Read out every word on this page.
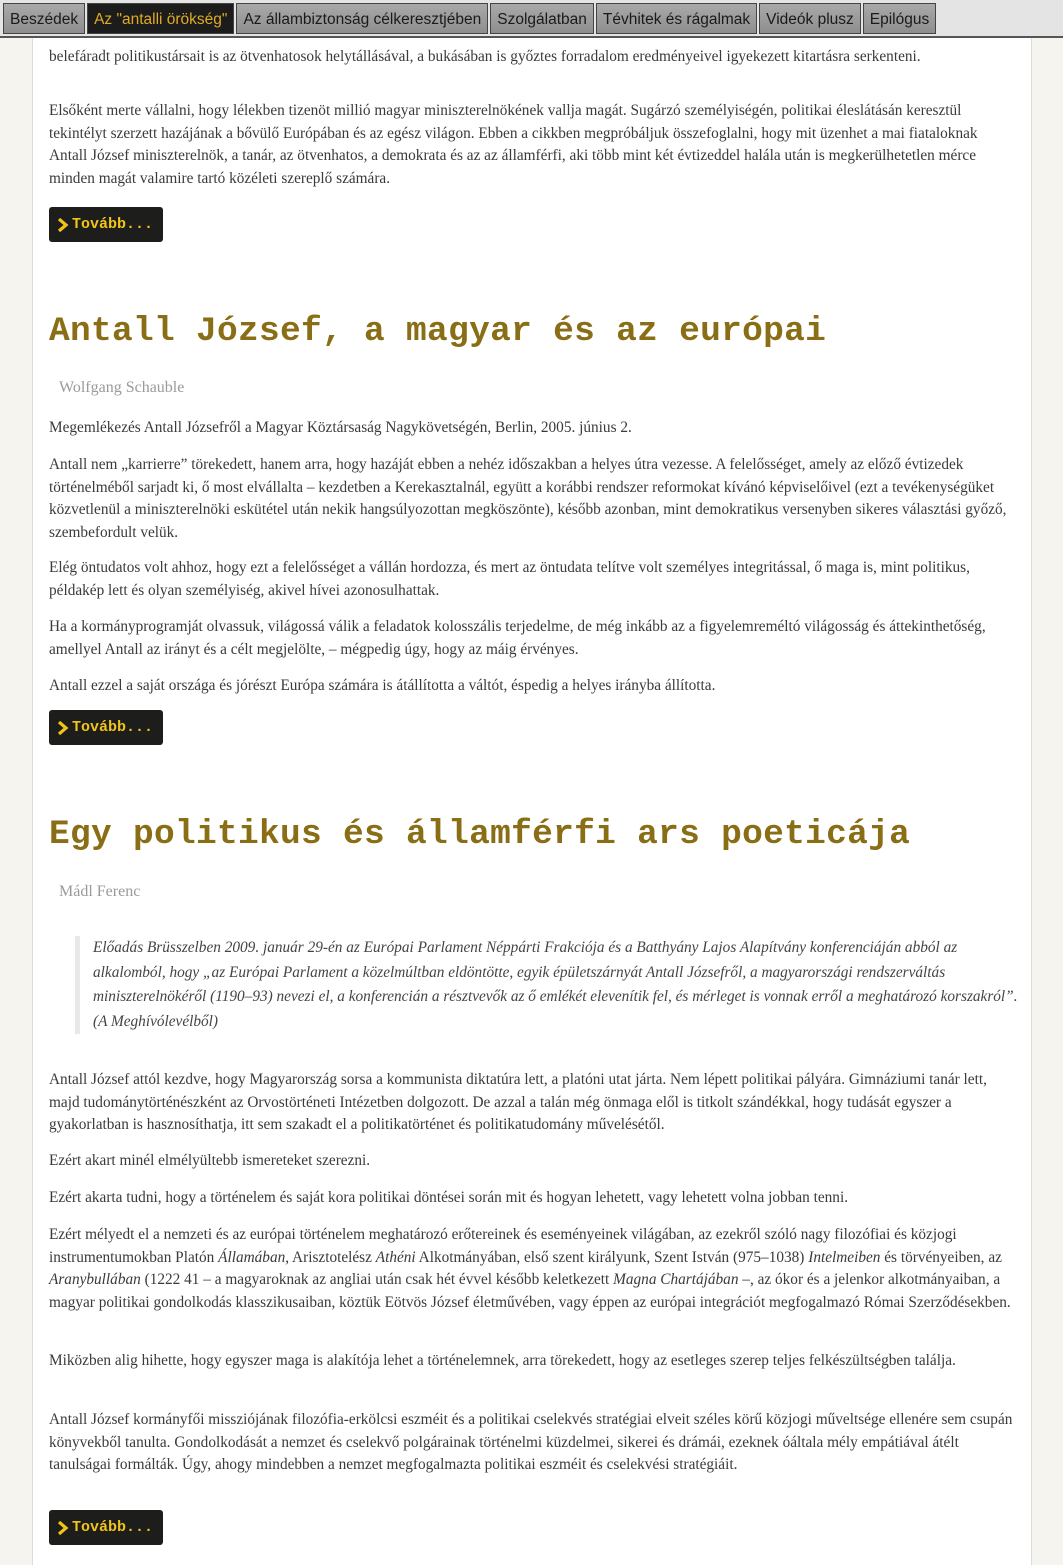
Beszédek	Az "antalli örökség"	Az állambiztonság célkeresztjében	Szolgálatban	Tévhitek és rágalmak	Videók plusz	Epilógus

belefáradt politikustársait is az ötvenhatosok helytállásával, a bukásában is győztes forradalom eredményeivel igyekezett kitartásra serkenteni.

Elsőként merte vállalni, hogy lélekben tizenöt millió magyar miniszterelnökének vallja magát. Sugárzó személyiségén, politikai éleslátásán keresztül tekintélyt szerzett hazájának a bővülő Európában és az egész világon. Ebben a cikkben megpróbáljuk összefoglalni, hogy mit üzenhet a mai fiataloknak Antall József miniszterelnök, a tanár, az ötvenhatos, a demokrata és az az államférfi, aki több mint két évtizeddel halála után is megkerülhetetlen mérce minden magát valamire tartó közéleti szereplő számára.

Tovább...
Antall József, a magyar és az európai
Wolfgang Schauble

Megemlékezés Antall Józsefről a Magyar Köztársaság Nagykövetségén, Berlin, 2005. június 2.

Antall nem „karrierre” törekedett, hanem arra, hogy hazáját ebben a nehéz időszakban a helyes útra vezesse. A felelősséget, amely az előző évtizedek történelméből sarjadt ki, ő most elvállalta – kezdetben a Kerekasztalnál, együtt a korábbi rendszer reformokat kívánó képviselőivel (ezt a tevékenységüket közvetlenül a miniszterelnöki eskütétel után nekik hangsúlyozottan megköszönte), később azonban, mint demokratikus versenyben sikeres választási győző, szembefordult velük.

Elég öntudatos volt ahhoz, hogy ezt a felelősséget a vállán hordozza, és mert az öntudata telítve volt személyes integritással, ő maga is, mint politikus, példakép lett és olyan személyiség, akivel hívei azonosulhattak.

Ha a kormányprogramját olvassuk, világossá válik a feladatok kolosszális terjedelme, de még inkább az a figyelemreméltó világosság és áttekinthetőség, amellyel Antall az irányt és a célt megjelölte, – mégpedig úgy, hogy az máig érvényes.

Antall ezzel a saját országa és jórészt Európa számára is átállította a váltót, éspedig a helyes irányba állította.

Tovább...
Egy politikus és államférfi ars poeticája
Mádl Ferenc
Előadás Brüsszelben 2009. január 29-én az Európai Parlament Néppárti Frakciója és a Batthyány Lajos Alapítvány konferenciáján abból az alkalomból, hogy „az Európai Parlament a közelmúltban eldöntötte, egyik épületszárnyát Antall Józsefről, a magyarországi rendszerváltás miniszterelnökéről (1190–93) nevezi el, a konferencián a résztvevők az ő emlékét elevenítik fel, és mérleget is vonnak erről a meghatározó korszakról”. (A Meghívólevélből)

Antall József attól kezdve, hogy Magyarország sorsa a kommunista diktatúra lett, a platóni utat járta. Nem lépett politikai pályára. Gimnáziumi tanár lett, majd tudománytörténészként az Orvostörténeti Intézetben dolgozott. De azzal a talán még önmaga elől is titkolt szándékkal, hogy tudását egyszer a gyakorlatban is hasznosíthatja, itt sem szakadt el a politikatörténet és politikatudomány művelésétől.

Ezért akart minél elmélyültebb ismereteket szerezni.

Ezért akarta tudni, hogy a történelem és saját kora politikai döntései során mit és hogyan lehetett, vagy lehetett volna jobban tenni.

Ezért mélyedt el a nemzeti és az európai történelem meghatározó erőtereinek és eseményeinek világában, az ezekről szóló nagy filozófiai és közjogi instrumentumokban Platón Államában, Arisztotelész Athéni Alkotmányában, első szent királyunk, Szent István (975–1038) Intelmeiben és törvényeiben, az Aranybullában (1222 41 – a magyaroknak az angliai után csak hét évvel később keletkezett Magna Chartájában –, az ókor és a jelenkor alkotmányaiban, a magyar politikai gondolkodás klasszikusaiban, köztük Eötvös József életművében, vagy éppen az európai integrációt megfogalmazó Római Szerződésekben.

Miközben alig hihette, hogy egyszer maga is alakítója lehet a történelemnek, arra törekedett, hogy az esetleges szerep teljes felkészültségben találja.

Antall József kormányfői missziójának filozófia-erkölcsi eszméit és a politikai cselekvés stratégiai elveit széles körű közjogi műveltsége ellenére sem csupán könyvekből tanulta. Gondolkodását a nemzet és cselekvő polgárainak történelmi küzdelmei, sikerei és drámái, ezeknek óáltala mély empátiával átélt tanulságai formálták. Úgy, ahogy mindebben a nemzet megfogalmazta politikai eszméit és cselekvési stratégiáit.

Tovább...
